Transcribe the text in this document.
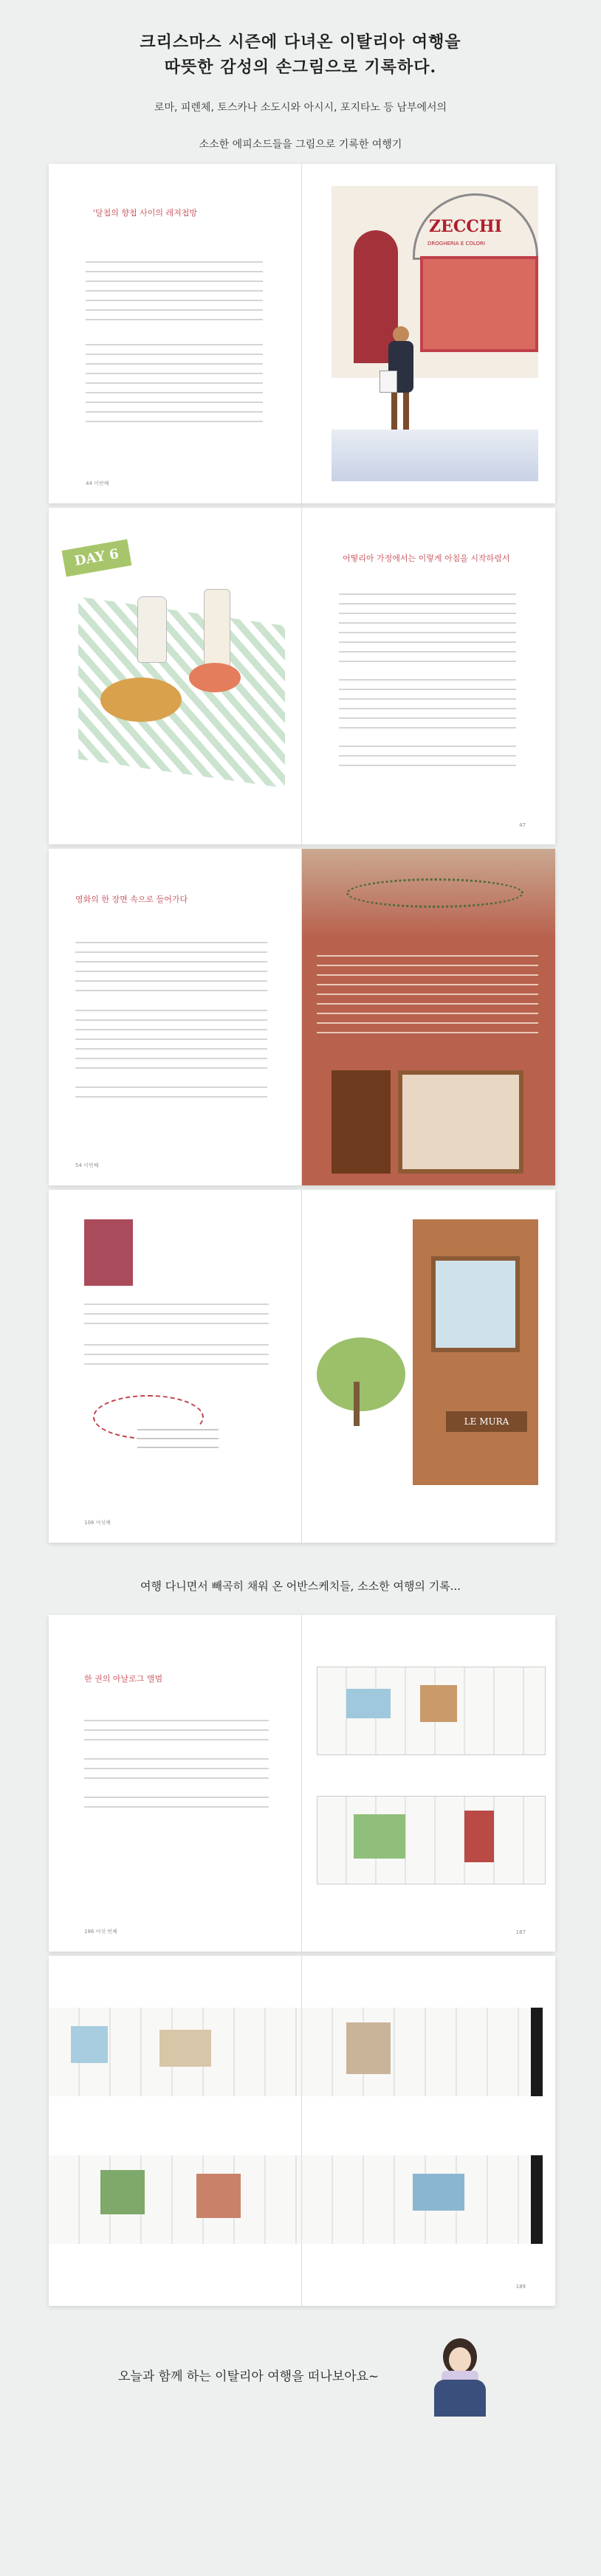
크리스마스 시즌에 다녀온 이탈리아 여행을
따뜻한 감성의 손그림으로 기록하다.
로마, 피렌체, 토스카나 소도시와 아시시, 포지타노 등 남부에서의
소소한 에피소드들을 그림으로 기록한 여행기
'달첩의 향첩 사이의 레져첩방
44 이번째
ZECCHI
DROGHERIA E COLORI
DAY 6	어떻리아 가정에서는 이렇게 아침을 시작하렴서
47
영화의 한 장면 속으로 들어가다
54 이번째
108 여섯째
LE MURA
여행 다니면서 빼곡히 채워 온 어반스케치들, 소소한 여행의 기록...
한 권의 아날로그 앨범
186 여섯 번째	187
189
오늘과 함께 하는 이탈리아 여행을 떠나보아요~
